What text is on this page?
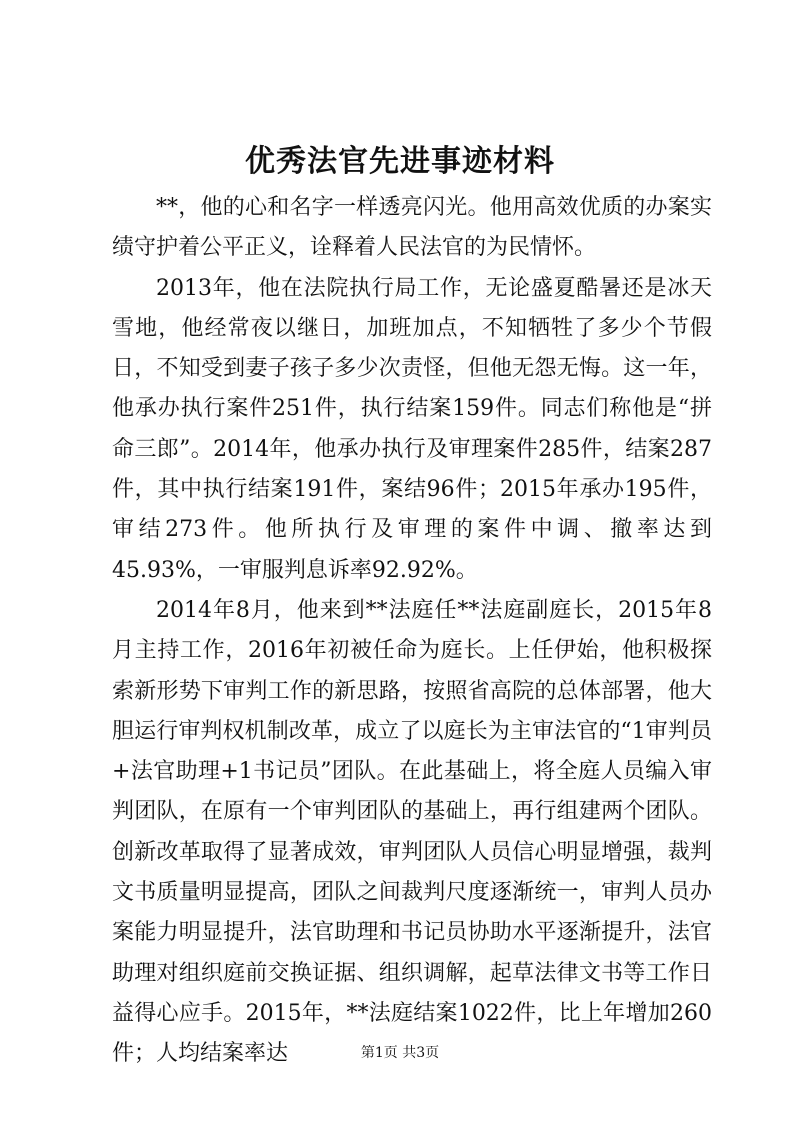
优秀法官先进事迹材料

**，他的心和名字一样透亮闪光。他用高效优质的办案实绩守护着公平正义，诠释着人民法官的为民情怀。

2013年，他在法院执行局工作，无论盛夏酷暑还是冰天雪地，他经常夜以继日，加班加点，不知牺牲了多少个节假日，不知受到妻子孩子多少次责怪，但他无怨无悔。这一年，他承办执行案件251件，执行结案159件。同志们称他是“拼命三郎”。2014年，他承办执行及审理案件285件，结案287件，其中执行结案191件，案结96件；2015年承办195件，审结273件。他所执行及审理的案件中调、撤率达到45.93%，一审服判息诉率92.92%。

2014年8月，他来到**法庭任**法庭副庭长，2015年8月主持工作，2016年初被任命为庭长。上任伊始，他积极探索新形势下审判工作的新思路，按照省高院的总体部署，他大胆运行审判权机制改革，成立了以庭长为主审法官的“1审判员+法官助理+1书记员”团队。在此基础上，将全庭人员编入审判团队，在原有一个审判团队的基础上，再行组建两个团队。创新改革取得了显著成效，审判团队人员信心明显增强，裁判文书质量明显提高，团队之间裁判尺度逐渐统一，审判人员办案能力明显提升，法官助理和书记员协助水平逐渐提升，法官助理对组织庭前交换证据、组织调解，起草法律文书等工作日益得心应手。2015年，**法庭结案1022件，比上年增加260件；人均结案率达	第1页 共3页
